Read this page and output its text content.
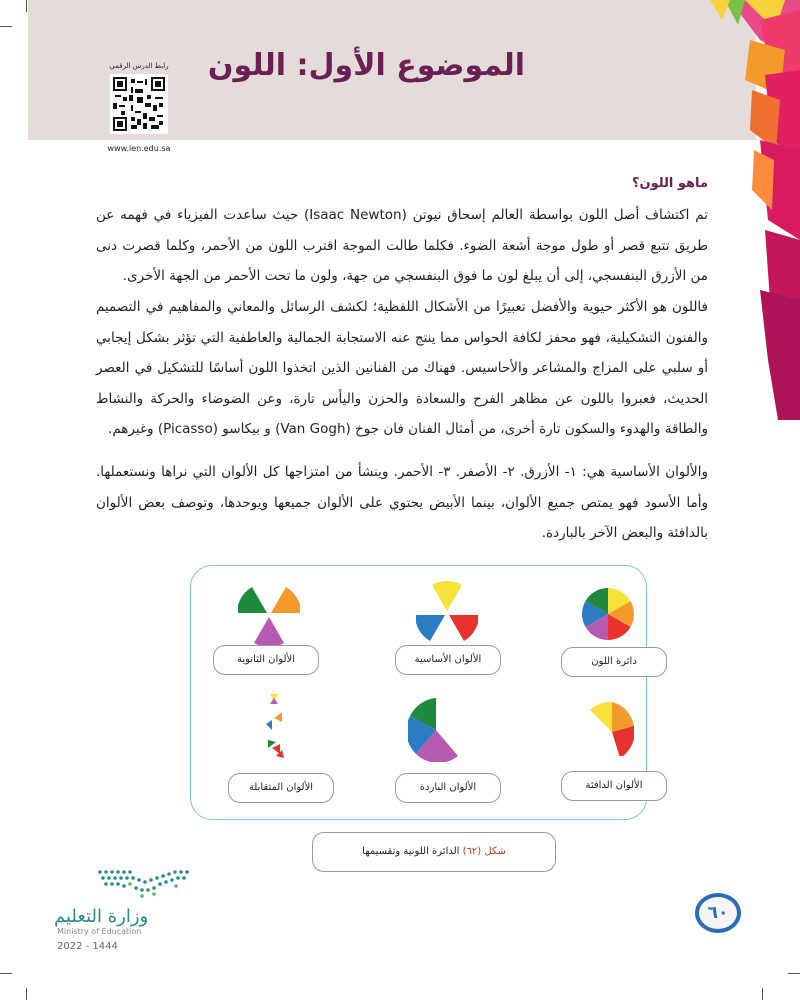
الموضوع الأول: اللون
رابط الدرس الرقمي
www.ien.edu.sa
ماهو اللون؟

تم اكتشاف أصل اللون بواسطة العالم إسحاق نيوتن (Isaac Newton) حيث ساعدت الفيزياء في فهمه عن طريق تتبع قصر أو طول موجة أشعة الضوء. فكلما طالت الموجة اقترب اللون من الأحمر، وكلما قصرت دنى من الأزرق البنفسجي، إلى أن يبلغ لون ما فوق البنفسجي من جهة، ولون ما تحت الأحمر من الجهة الأخرى.

فاللون هو الأكثر حيوية والأفضل تعبيرًا من الأشكال اللفظية؛ لكشف الرسائل والمعاني والمفاهيم في التصميم والفنون التشكيلية، فهو محفز لكافة الحواس مما ينتج عنه الاستجابة الجمالية والعاطفية التي تؤثر بشكل إيجابي أو سلبي على المزاج والمشاعر والأحاسيس. فهناك من الفنانين الذين اتخذوا اللون أساسًا للتشكيل في العصر الحديث، فعبروا باللون عن مظاهر الفرح والسعادة والحزن واليأس تارة، وعن الضوضاء والحركة والنشاط والطاقة والهدوء والسكون تارة أخرى، من أمثال الفنان فان جوخ (Van Gogh) و بيكاسو (Picasso) وغيرهم.

والألوان الأساسية هي: ١- الأزرق. ٢- الأصفر. ٣- الأحمر. وينشأ من امتزاجها كل الألوان التي نراها ونستعملها. وأما الأسود فهو يمتص جميع الألوان، بينما الأبيض يحتوي على الألوان جميعها ويوحدها، وتوصف بعض الألوان بالدافئة والبعض الآخر بالباردة.

دائرة اللون
الألوان الأساسية
الألوان الثانوية
الألوان الدافئة
الألوان الباردة
الألوان المتقابلة
شكل (٦٢) الدائرة اللونية وتقسيمها
وزارة التعليم
Ministry of Education
2022 - 1444
٦٠
